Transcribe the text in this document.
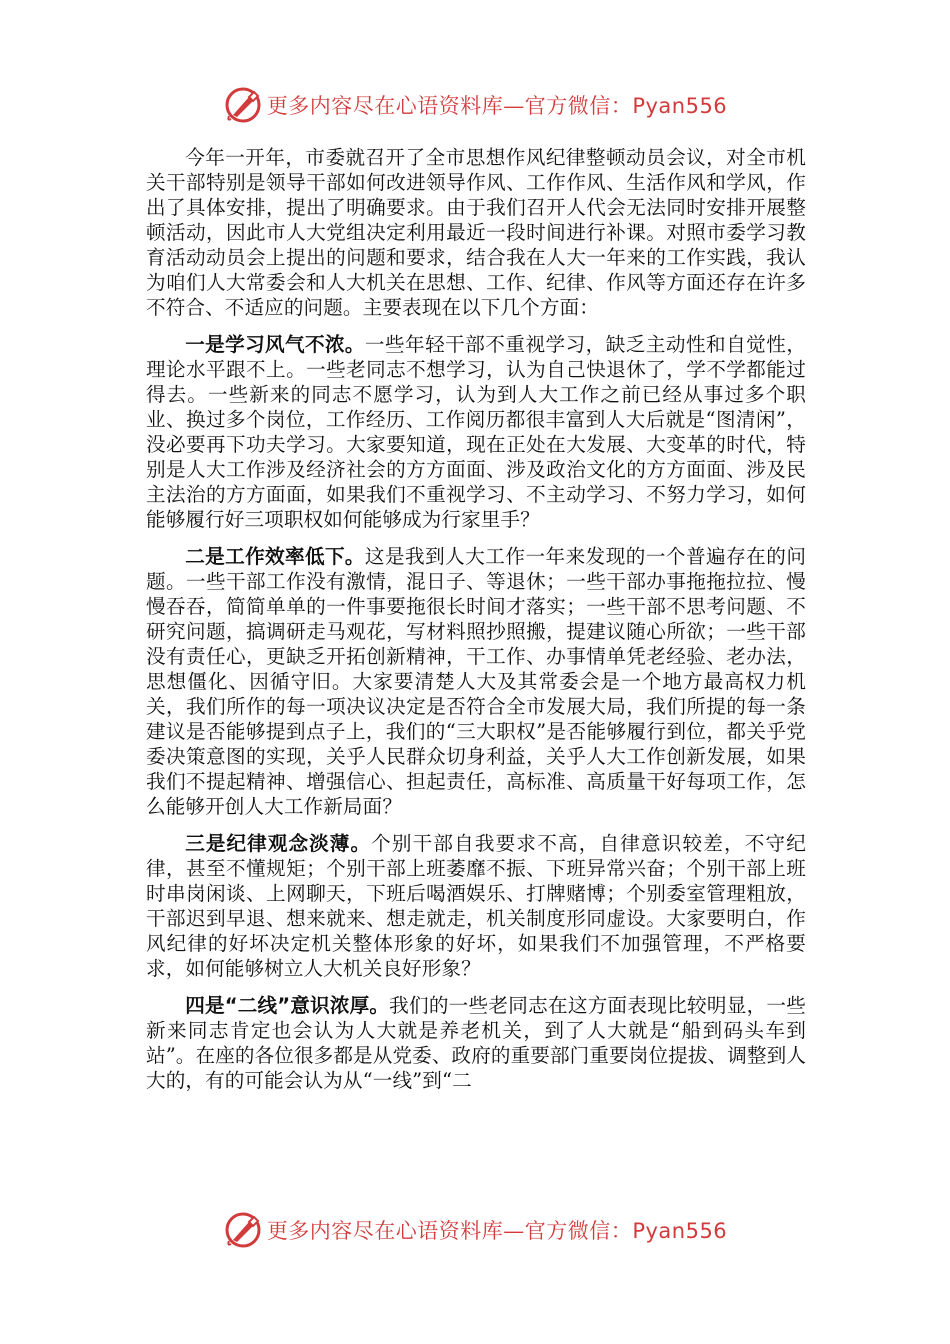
更多内容尽在心语资料库—官方微信：Pyan556

今年一开年，市委就召开了全市思想作风纪律整顿动员会议，对全市机关干部特别是领导干部如何改进领导作风、工作作风、生活作风和学风，作出了具体安排，提出了明确要求。由于我们召开人代会无法同时安排开展整顿活动，因此市人大党组决定利用最近一段时间进行补课。对照市委学习教育活动动员会上提出的问题和要求，结合我在人大一年来的工作实践，我认为咱们人大常委会和人大机关在思想、工作、纪律、作风等方面还存在许多不符合、不适应的问题。主要表现在以下几个方面：

一是学习风气不浓。一些年轻干部不重视学习，缺乏主动性和自觉性，理论水平跟不上。一些老同志不想学习，认为自己快退休了，学不学都能过得去。一些新来的同志不愿学习，认为到人大工作之前已经从事过多个职业、换过多个岗位，工作经历、工作阅历都很丰富到人大后就是“图清闲”，没必要再下功夫学习。大家要知道，现在正处在大发展、大变革的时代，特别是人大工作涉及经济社会的方方面面、涉及政治文化的方方面面、涉及民主法治的方方面面，如果我们不重视学习、不主动学习、不努力学习，如何能够履行好三项职权如何能够成为行家里手？

二是工作效率低下。这是我到人大工作一年来发现的一个普遍存在的问题。一些干部工作没有激情，混日子、等退休；一些干部办事拖拖拉拉、慢慢吞吞，简简单单的一件事要拖很长时间才落实；一些干部不思考问题、不研究问题，搞调研走马观花，写材料照抄照搬，提建议随心所欲；一些干部没有责任心，更缺乏开拓创新精神，干工作、办事情单凭老经验、老办法，思想僵化、因循守旧。大家要清楚人大及其常委会是一个地方最高权力机关，我们所作的每一项决议决定是否符合全市发展大局，我们所提的每一条建议是否能够提到点子上，我们的“三大职权”是否能够履行到位，都关乎党委决策意图的实现，关乎人民群众切身利益，关乎人大工作创新发展，如果我们不提起精神、增强信心、担起责任，高标准、高质量干好每项工作，怎么能够开创人大工作新局面？

三是纪律观念淡薄。个别干部自我要求不高，自律意识较差，不守纪律，甚至不懂规矩；个别干部上班萎靡不振、下班异常兴奋；个别干部上班时串岗闲谈、上网聊天，下班后喝酒娱乐、打牌赌博；个别委室管理粗放，干部迟到早退、想来就来、想走就走，机关制度形同虚设。大家要明白，作风纪律的好坏决定机关整体形象的好坏，如果我们不加强管理，不严格要求，如何能够树立人大机关良好形象？

四是“二线”意识浓厚。我们的一些老同志在这方面表现比较明显，一些新来同志肯定也会认为人大就是养老机关，到了人大就是“船到码头车到站”。在座的各位很多都是从党委、政府的重要部门重要岗位提拔、调整到人大的，有的可能会认为从“一线”到“二

更多内容尽在心语资料库—官方微信：Pyan556
